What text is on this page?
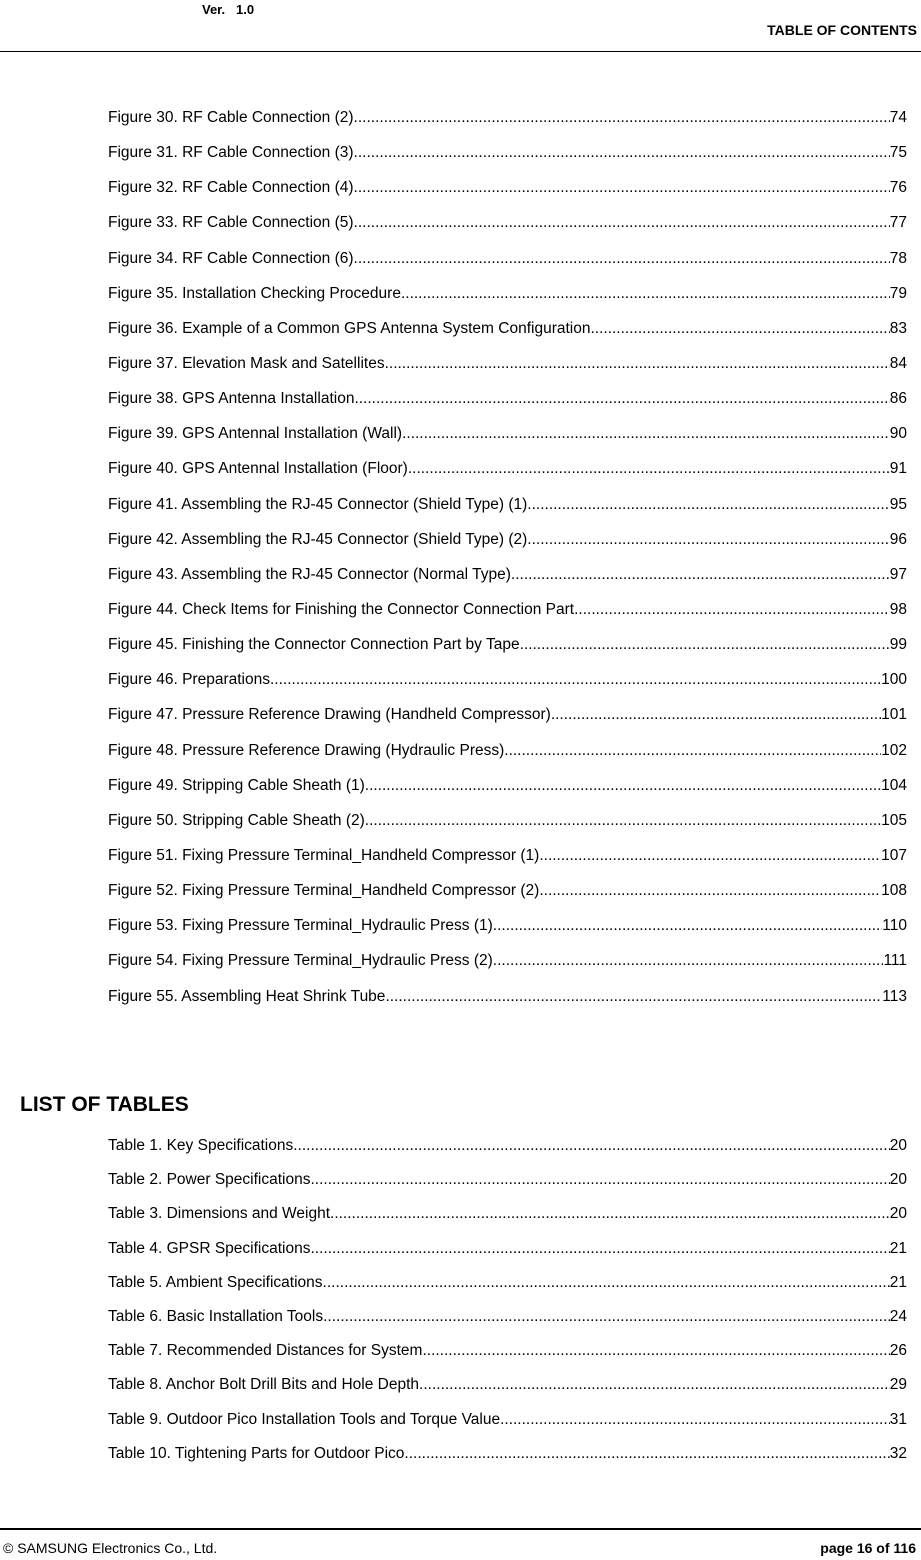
Ver.   1.0
TABLE OF CONTENTS
Figure 30. RF Cable Connection (2) .....	74
Figure 31. RF Cable Connection (3) .....	75
Figure 32. RF Cable Connection (4) .....	76
Figure 33. RF Cable Connection (5) .....	77
Figure 34. RF Cable Connection (6) .....	78
Figure 35. Installation Checking Procedure .....	79
Figure 36. Example of a Common GPS Antenna System Configuration .....	83
Figure 37. Elevation Mask and Satellites .....	84
Figure 38. GPS Antenna Installation .....	86
Figure 39. GPS Antennal Installation (Wall) .....	90
Figure 40. GPS Antennal Installation (Floor) .....	91
Figure 41. Assembling the RJ-45 Connector (Shield Type) (1) .....	95
Figure 42. Assembling the RJ-45 Connector (Shield Type) (2) .....	96
Figure 43. Assembling the RJ-45 Connector (Normal Type) .....	97
Figure 44. Check Items for Finishing the Connector Connection Part .....	98
Figure 45. Finishing the Connector Connection Part by Tape .....	99
Figure 46. Preparations .....	100
Figure 47. Pressure Reference Drawing (Handheld Compressor) .....	101
Figure 48. Pressure Reference Drawing (Hydraulic Press) .....	102
Figure 49. Stripping Cable Sheath (1) .....	104
Figure 50. Stripping Cable Sheath (2) .....	105
Figure 51. Fixing Pressure Terminal_Handheld Compressor (1) .....	107
Figure 52. Fixing Pressure Terminal_Handheld Compressor (2) .....	108
Figure 53. Fixing Pressure Terminal_Hydraulic Press (1) .....	110
Figure 54. Fixing Pressure Terminal_Hydraulic Press (2) .....	111
Figure 55. Assembling Heat Shrink Tube .....	113
LIST OF TABLES
Table 1. Key Specifications .....	20
Table 2. Power Specifications .....	20
Table 3. Dimensions and Weight .....	20
Table 4. GPSR Specifications .....	21
Table 5. Ambient Specifications .....	21
Table 6. Basic Installation Tools .....	24
Table 7. Recommended Distances for System .....	26
Table 8. Anchor Bolt Drill Bits and Hole Depth .....	29
Table 9. Outdoor Pico Installation Tools and Torque Value .....	31
Table 10. Tightening Parts for Outdoor Pico .....	32
© SAMSUNG Electronics Co., Ltd.	page 16 of 116
